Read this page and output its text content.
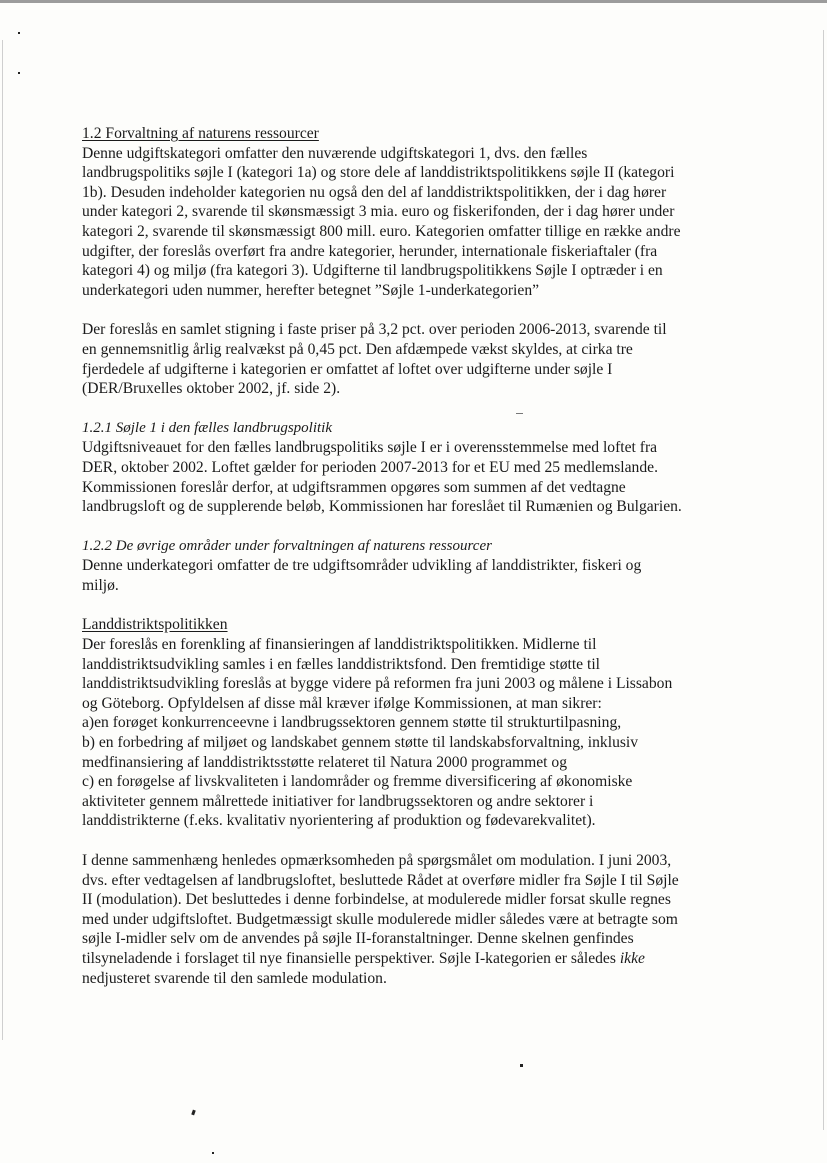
1.2 Forvaltning af naturens ressourcer
Denne udgiftskategori omfatter den nuværende udgiftskategori 1, dvs. den fælles
landbrugspolitiks søjle I (kategori 1a) og store dele af landdistriktspolitikkens søjle II (kategori
1b). Desuden indeholder kategorien nu også den del af landdistriktspolitikken, der i dag hører
under kategori 2, svarende til skønsmæssigt 3 mia. euro og fiskerifonden, der i dag hører under
kategori 2, svarende til skønsmæssigt 800 mill. euro. Kategorien omfatter tillige en række andre
udgifter, der foreslås overført fra andre kategorier, herunder, internationale fiskeriaftaler (fra
kategori 4) og miljø (fra kategori 3). Udgifterne til landbrugspolitikkens Søjle I optræder i en
underkategori uden nummer, herefter betegnet ”Søjle 1-underkategorien”
Der foreslås en samlet stigning i faste priser på 3,2 pct. over perioden 2006-2013, svarende til
en gennemsnitlig årlig realvækst på 0,45 pct. Den afdæmpede vækst skyldes, at cirka tre
fjerdedele af udgifterne i kategorien er omfattet af loftet over udgifterne under søjle I
(DER/Bruxelles oktober 2002, jf. side 2).
1.2.1 Søjle 1 i den fælles landbrugspolitik
Udgiftsniveauet for den fælles landbrugspolitiks søjle I er i overensstemmelse med loftet fra
DER, oktober 2002. Loftet gælder for perioden 2007-2013 for et EU med 25 medlemslande.
Kommissionen foreslår derfor, at udgiftsrammen opgøres som summen af det vedtagne
landbrugsloft og de supplerende beløb, Kommissionen har foreslået til Rumænien og Bulgarien.
1.2.2 De øvrige områder under forvaltningen af naturens ressourcer
Denne underkategori omfatter de tre udgiftsområder udvikling af landdistrikter, fiskeri og
miljø.
Landdistriktspolitikken
Der foreslås en forenkling af finansieringen af landdistriktspolitikken. Midlerne til
landdistriktsudvikling samles i en fælles landdistriktsfond. Den fremtidige støtte til
landdistriktsudvikling foreslås at bygge videre på reformen fra juni 2003 og målene i Lissabon
og Göteborg. Opfyldelsen af disse mål kræver ifølge Kommissionen, at man sikrer:
a)en forøget konkurrenceevne i landbrugssektoren gennem støtte til strukturtilpasning,
b) en forbedring af miljøet og landskabet gennem støtte til landskabsforvaltning, inklusiv
medfinansiering af landdistriktsstøtte relateret til Natura 2000 programmet og
c) en forøgelse af livskvaliteten i landområder og fremme diversificering af økonomiske
aktiviteter gennem målrettede initiativer for landbrugssektoren og andre sektorer i
landdistrikterne (f.eks. kvalitativ nyorientering af produktion og fødevarekvalitet).
I denne sammenhæng henledes opmærksomheden på spørgsmålet om modulation. I juni 2003,
dvs. efter vedtagelsen af landbrugsloftet, besluttede Rådet at overføre midler fra Søjle I til Søjle
II (modulation). Det besluttedes i denne forbindelse, at modulerede midler forsat skulle regnes
med under udgiftsloftet. Budgetmæssigt skulle modulerede midler således være at betragte som
søjle I-midler selv om de anvendes på søjle II-foranstaltninger. Denne skelnen genfindes
tilsyneladende i forslaget til nye finansielle perspektiver. Søjle I-kategorien er således ikke
nedjusteret svarende til den samlede modulation.
